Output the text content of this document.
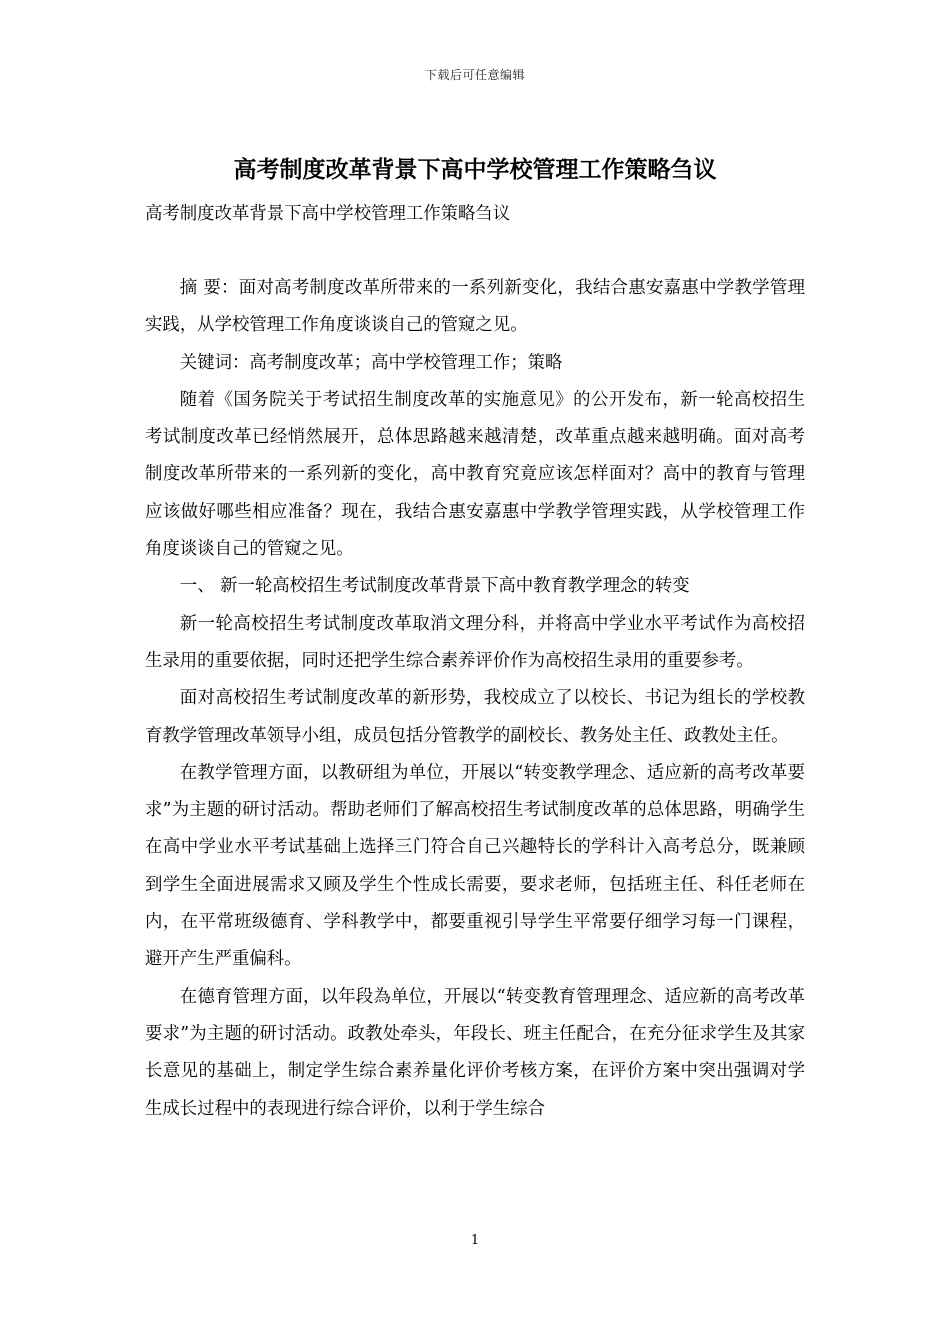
下载后可任意编辑
高考制度改革背景下高中学校管理工作策略刍议

高考制度改革背景下高中学校管理工作策略刍议

摘 要：面对高考制度改革所带来的一系列新变化，我结合惠安嘉惠中学教学管理实践，从学校管理工作角度谈谈自己的管窥之见。

关键词：高考制度改革；高中学校管理工作；策略

随着《国务院关于考试招生制度改革的实施意见》的公开发布，新一轮高校招生考试制度改革已经悄然展开，总体思路越来越清楚，改革重点越来越明确。面对高考制度改革所带来的一系列新的变化，高中教育究竟应该怎样面对？高中的教育与管理应该做好哪些相应准备？现在，我结合惠安嘉惠中学教学管理实践，从学校管理工作角度谈谈自己的管窥之见。

一、 新一轮高校招生考试制度改革背景下高中教育教学理念的转变

新一轮高校招生考试制度改革取消文理分科，并将高中学业水平考试作为高校招生录用的重要依据，同时还把学生综合素养评价作为高校招生录用的重要参考。

面对高校招生考试制度改革的新形势，我校成立了以校长、书记为组长的学校教育教学管理改革领导小组，成员包括分管教学的副校长、教务处主任、政教处主任。

在教学管理方面，以教研组为单位，开展以“转变教学理念、适应新的高考改革要求”为主题的研讨活动。帮助老师们了解高校招生考试制度改革的总体思路，明确学生在高中学业水平考试基础上选择三门符合自己兴趣特长的学科计入高考总分，既兼顾到学生全面进展需求又顾及学生个性成长需要，要求老师，包括班主任、科任老师在内，在平常班级德育、学科教学中，都要重视引导学生平常要仔细学习每一门课程，避开产生严重偏科。

在德育管理方面，以年段為单位，开展以“转变教育管理理念、适应新的高考改革要求”为主题的研讨活动。政教处牵头，年段长、班主任配合，在充分征求学生及其家长意见的基础上，制定学生综合素养量化评价考核方案，在评价方案中突出强调对学生成长过程中的表现进行综合评价，以利于学生综合

1
